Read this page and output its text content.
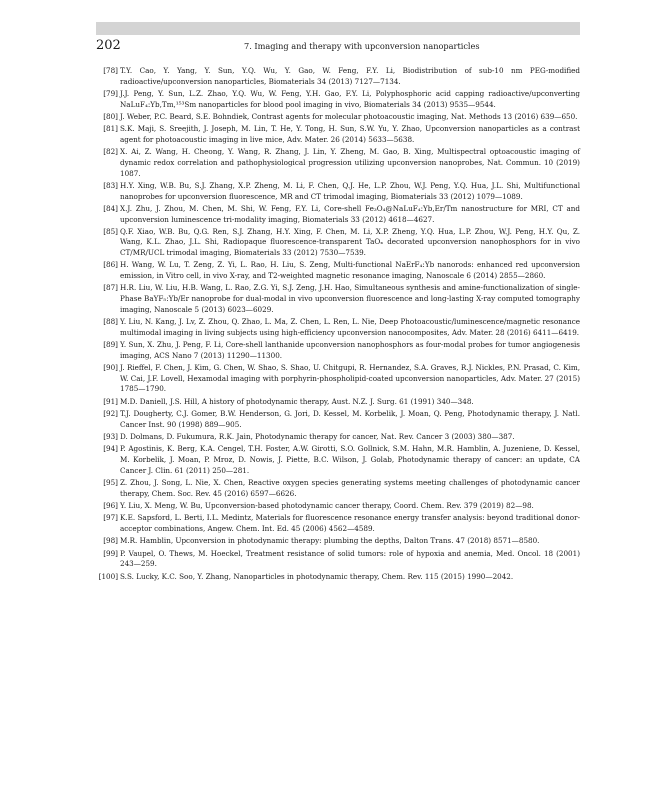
202	7. Imaging and therapy with upconversion nanoparticles
[78] T.Y. Cao, Y. Yang, Y. Sun, Y.Q. Wu, Y. Gao, W. Feng, F.Y. Li, Biodistribution of sub-10 nm PEG-modified radioactive/upconversion nanoparticles, Biomaterials 34 (2013) 7127—7134.
[79] J.J. Peng, Y. Sun, L.Z. Zhao, Y.Q. Wu, W. Feng, Y.H. Gao, F.Y. Li, Polyphosphoric acid capping radioactive/upconverting NaLuF₄:Yb,Tm,¹⁵³Sm nanoparticles for blood pool imaging in vivo, Biomaterials 34 (2013) 9535—9544.
[80] J. Weber, P.C. Beard, S.E. Bohndiek, Contrast agents for molecular photoacoustic imaging, Nat. Methods 13 (2016) 639—650.
[81] S.K. Maji, S. Sreejith, J. Joseph, M. Lin, T. He, Y. Tong, H. Sun, S.W. Yu, Y. Zhao, Upconversion nanoparticles as a contrast agent for photoacoustic imaging in live mice, Adv. Mater. 26 (2014) 5633—5638.
[82] X. Ai, Z. Wang, H. Cheong, Y. Wang, R. Zhang, J. Lin, Y. Zheng, M. Gao, B. Xing, Multispectral optoacoustic imaging of dynamic redox correlation and pathophysiological progression utilizing upconversion nanoprobes, Nat. Commun. 10 (2019) 1087.
[83] H.Y. Xing, W.B. Bu, S.J. Zhang, X.P. Zheng, M. Li, F. Chen, Q.J. He, L.P. Zhou, W.J. Peng, Y.Q. Hua, J.L. Shi, Multifunctional nanoprobes for upconversion fluorescence, MR and CT trimodal imaging, Biomaterials 33 (2012) 1079—1089.
[84] X.J. Zhu, J. Zhou, M. Chen, M. Shi, W. Feng, F.Y. Li, Core-shell Fe₃O₄@NaLuF₄:Yb,Er/Tm nanostructure for MRI, CT and upconversion luminescence tri-modality imaging, Biomaterials 33 (2012) 4618—4627.
[85] Q.F. Xiao, W.B. Bu, Q.G. Ren, S.J. Zhang, H.Y. Xing, F. Chen, M. Li, X.P. Zheng, Y.Q. Hua, L.P. Zhou, W.J. Peng, H.Y. Qu, Z. Wang, K.L. Zhao, J.L. Shi, Radiopaque fluorescence-transparent TaOₓ decorated upconversion nanophosphors for in vivo CT/MR/UCL trimodal imaging, Biomaterials 33 (2012) 7530—7539.
[86] H. Wang, W. Lu, T. Zeng, Z. Yi, L. Rao, H. Liu, S. Zeng, Multi-functional NaErF₄:Yb nanorods: enhanced red upconversion emission, in Vitro cell, in vivo X-ray, and T2-weighted magnetic resonance imaging, Nanoscale 6 (2014) 2855—2860.
[87] H.R. Liu, W. Liu, H.B. Wang, L. Rao, Z.G. Yi, S.J. Zeng, J.H. Hao, Simultaneous synthesis and amine-functionalization of single-Phase BaYF₅:Yb/Er nanoprobe for dual-modal in vivo upconversion fluorescence and long-lasting X-ray computed tomography imaging, Nanoscale 5 (2013) 6023—6029.
[88] Y. Liu, N. Kang, J. Lv, Z. Zhou, Q. Zhao, L. Ma, Z. Chen, L. Ren, L. Nie, Deep Photoacoustic/luminescence/magnetic resonance multimodal imaging in living subjects using high-efficiency upconversion nanocomposites, Adv. Mater. 28 (2016) 6411—6419.
[89] Y. Sun, X. Zhu, J. Peng, F. Li, Core-shell lanthanide upconversion nanophosphors as four-modal probes for tumor angiogenesis imaging, ACS Nano 7 (2013) 11290—11300.
[90] J. Rieffel, F. Chen, J. Kim, G. Chen, W. Shao, S. Shao, U. Chitgupi, R. Hernandez, S.A. Graves, R.J. Nickles, P.N. Prasad, C. Kim, W. Cai, J.F. Lovell, Hexamodal imaging with porphyrin-phospholipid-coated upconversion nanoparticles, Adv. Mater. 27 (2015) 1785—1790.
[91] M.D. Daniell, J.S. Hill, A history of photodynamic therapy, Aust. N.Z. J. Surg. 61 (1991) 340—348.
[92] T.J. Dougherty, C.J. Gomer, B.W. Henderson, G. Jori, D. Kessel, M. Korbelik, J. Moan, Q. Peng, Photodynamic therapy, J. Natl. Cancer Inst. 90 (1998) 889—905.
[93] D. Dolmans, D. Fukumura, R.K. Jain, Photodynamic therapy for cancer, Nat. Rev. Cancer 3 (2003) 380—387.
[94] P. Agostinis, K. Berg, K.A. Cengel, T.H. Foster, A.W. Girotti, S.O. Gollnick, S.M. Hahn, M.R. Hamblin, A. Juzeniene, D. Kessel, M. Korbelik, J. Moan, P. Mroz, D. Nowis, J. Piette, B.C. Wilson, J. Golab, Photodynamic therapy of cancer: an update, CA Cancer J. Clin. 61 (2011) 250—281.
[95] Z. Zhou, J. Song, L. Nie, X. Chen, Reactive oxygen species generating systems meeting challenges of photodynamic cancer therapy, Chem. Soc. Rev. 45 (2016) 6597—6626.
[96] Y. Liu, X. Meng, W. Bu, Upconversion-based photodynamic cancer therapy, Coord. Chem. Rev. 379 (2019) 82—98.
[97] K.E. Sapsford, L. Berti, I.L. Medintz, Materials for fluorescence resonance energy transfer analysis: beyond traditional donor-acceptor combinations, Angew. Chem. Int. Ed. 45 (2006) 4562—4589.
[98] M.R. Hamblin, Upconversion in photodynamic therapy: plumbing the depths, Dalton Trans. 47 (2018) 8571—8580.
[99] P. Vaupel, O. Thews, M. Hoeckel, Treatment resistance of solid tumors: role of hypoxia and anemia, Med. Oncol. 18 (2001) 243—259.
[100] S.S. Lucky, K.C. Soo, Y. Zhang, Nanoparticles in photodynamic therapy, Chem. Rev. 115 (2015) 1990—2042.
